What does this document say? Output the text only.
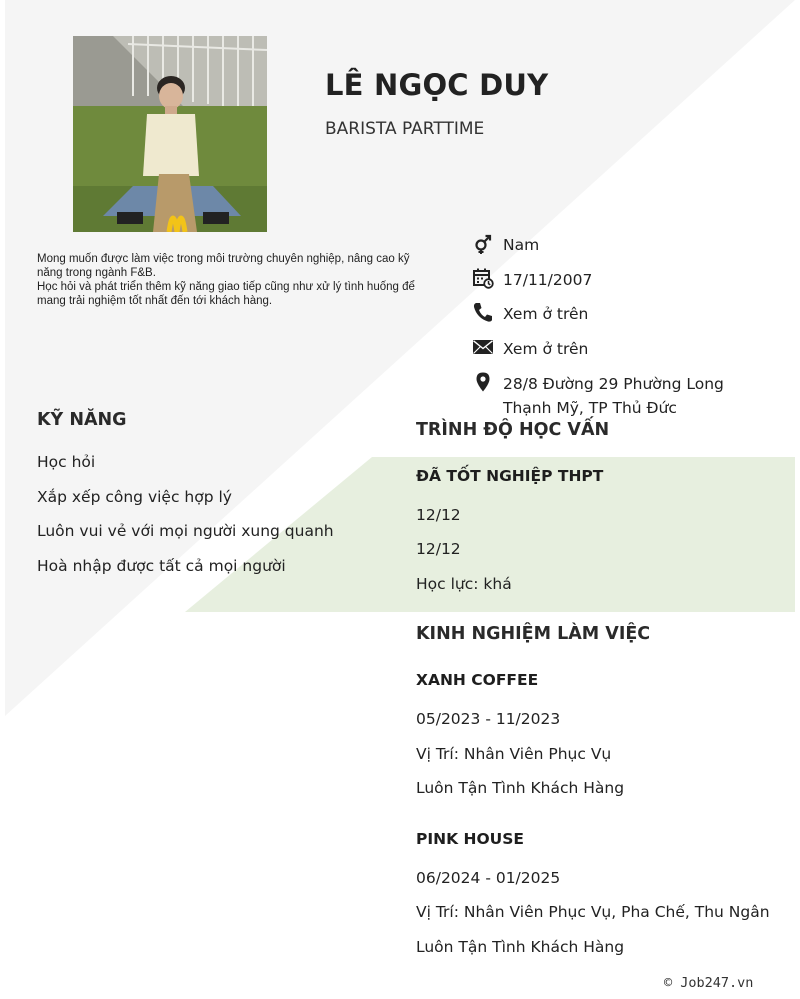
LÊ NGỌC DUY
BARISTA PARTTIME
Mong muốn được làm việc trong môi trường chuyên nghiệp, nâng cao kỹ năng trong ngành F&B.
Học hỏi và phát triển thêm kỹ năng giao tiếp cũng như xử lý tình huống để mang trải nghiệm tốt nhất đến tới khách hàng.
Nam
17/11/2007
Xem ở trên
Xem ở trên
28/8 Đường 29 Phường Long Thạnh Mỹ, TP Thủ Đức
KỸ NĂNG
Học hỏi
Xắp xếp công việc hợp lý
Luôn vui vẻ với mọi người xung quanh
Hoà nhập được tất cả mọi người
TRÌNH ĐỘ HỌC VẤN
ĐÃ TỐT NGHIỆP THPT
12/12
12/12
Học lực: khá
KINH NGHIỆM LÀM VIỆC
XANH COFFEE
05/2023 - 11/2023
Vị Trí: Nhân Viên Phục Vụ
Luôn Tận Tình Khách Hàng
PINK HOUSE
06/2024 - 01/2025
Vị Trí: Nhân Viên Phục Vụ, Pha Chế, Thu Ngân
Luôn Tận Tình Khách Hàng
© Job247.vn
